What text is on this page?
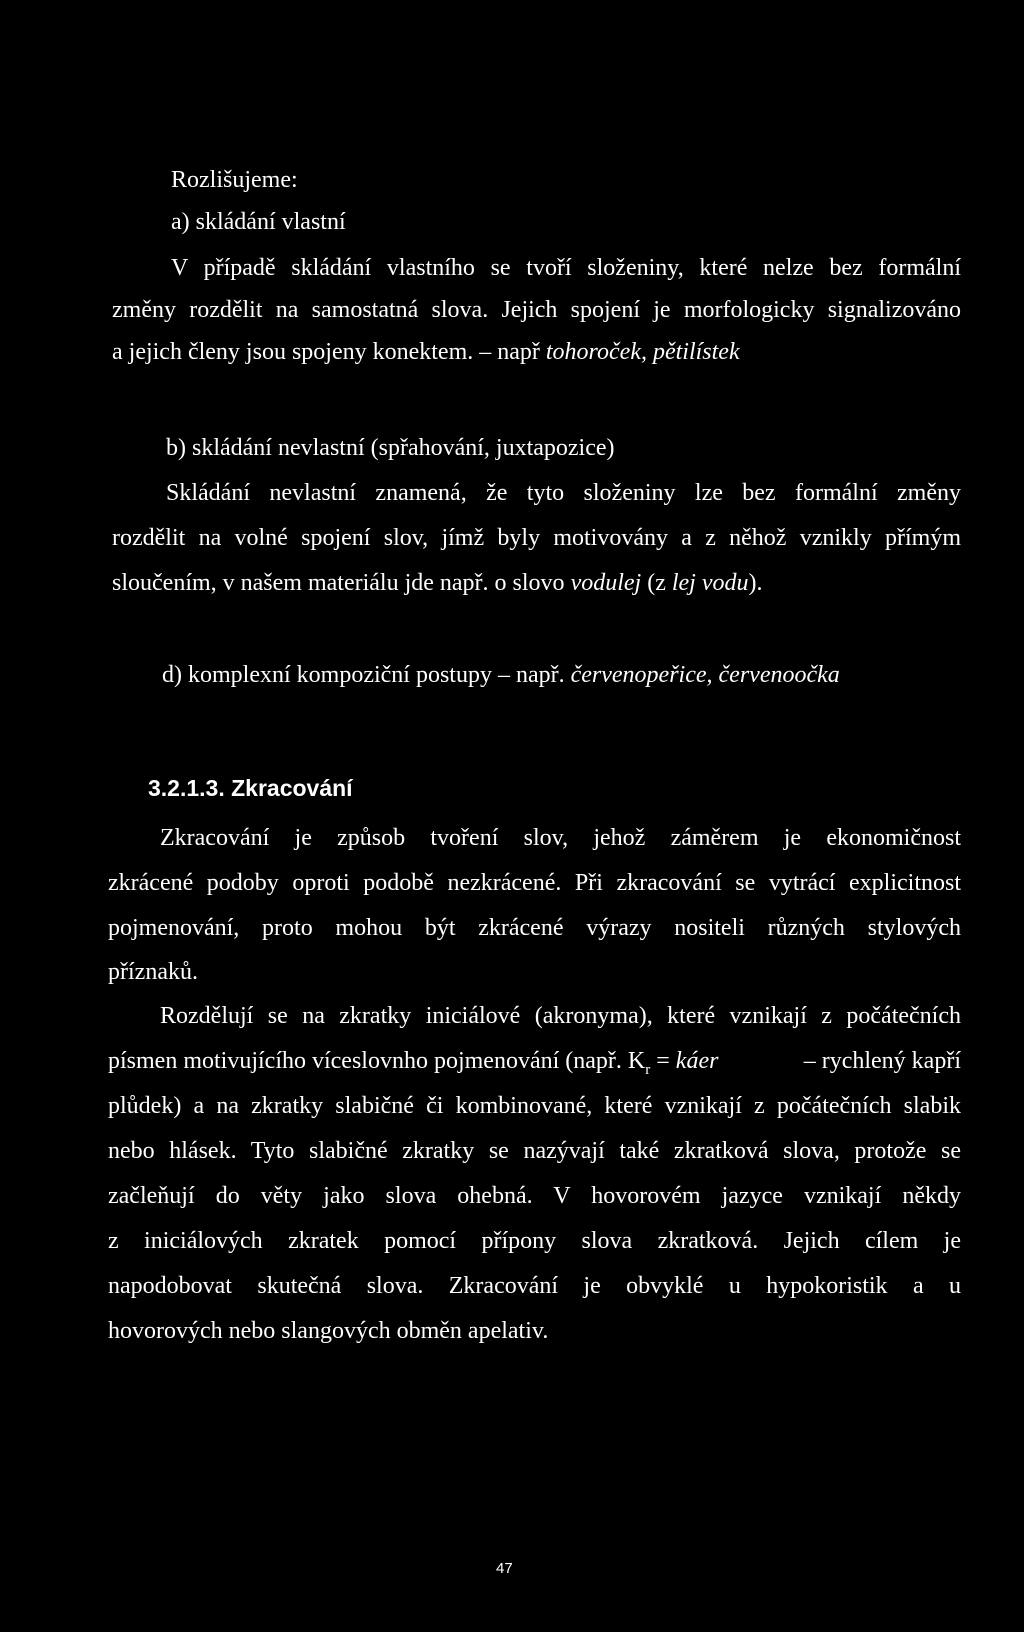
Rozlišujeme:
a) skládání vlastní
V případě skládání vlastního se tvoří složeniny, které nelze bez formální
změny rozdělit na samostatná slova. Jejich spojení je morfologicky signalizováno
a jejich členy jsou spojeny konektem. – např tohoroček, pětilístek
b) skládání nevlastní (spřahování, juxtapozice)
Skládání nevlastní znamená, že tyto složeniny lze bez formální změny
rozdělit na volné spojení slov, jímž byly motivovány a z něhož vznikly přímým
sloučením, v našem materiálu jde např. o slovo vodulej (z lej vodu).
d) komplexní kompoziční postupy – např. červenopeřice, červenoočka
3.2.1.3. Zkracování
Zkracování je způsob tvoření slov, jehož záměrem je ekonomičnost
zkrácené podoby oproti podobě nezkrácené. Při zkracování se vytrácí explicitnost
pojmenování, proto mohou být zkrácené výrazy nositeli různých stylových
příznaků.
Rozdělují se na zkratky iniciálové (akronyma), které vznikají z počátečních
písmen motivujícího víceslovnho pojmenování (např. $K_r$ = káer	– rychlený kapří
plůdek) a na zkratky slabičné či kombinované, které vznikají z počátečních slabik
nebo hlásek. Tyto slabičné zkratky se nazývají také zkratková slova, protože se
začleňují do věty jako slova ohebná. V hovorovém jazyce vznikají někdy
z iniciálových zkratek pomocí přípony slova zkratková. Jejich cílem je
napodobovat skutečná slova. Zkracování je obvyklé u hypokoristik a u
hovorových nebo slangových obměn apelativ.
47
